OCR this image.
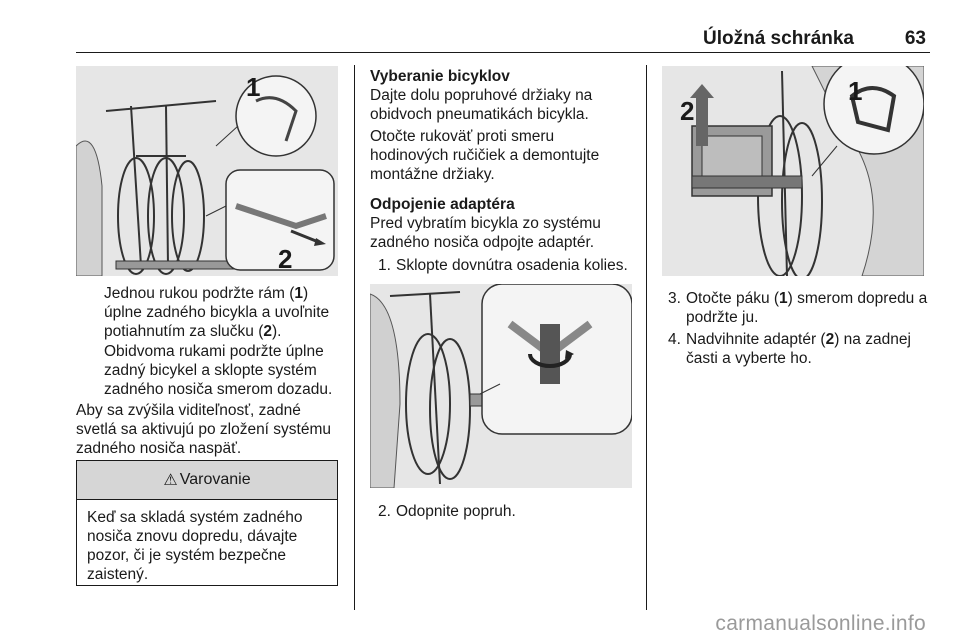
Úložná schránka	63
1
2

Jednou rukou podržte rám (1) úplne zadného bicykla a uvoľnite potiahnutím za slučku (2).

Obidvoma rukami podržte úplne zadný bicykel a sklopte systém zadného nosiča smerom dozadu.
Aby sa zvýšila viditeľnosť, zadné svetlá sa aktivujú po zložení systému zadného nosiča naspäť.
⚠ Varovanie
Keď sa skladá systém zadného nosiča znovu dopredu, dávajte pozor, či je systém bezpečne zaistený.
Vyberanie bicyklov
Dajte dolu popruhové držiaky na obidvoch pneumatikách bicykla.
Otočte rukoväť proti smeru hodinových ručičiek a demontujte montážne držiaky.
Odpojenie adaptéra
Pred vybratím bicykla zo systému zadného nosiča odpojte adaptér.
1. Sklopte dovnútra osadenia kolies.
2. Odopnite popruh.
1
2
3. Otočte páku (1) smerom dopredu a podržte ju.
4. Nadvihnite adaptér (2) na zadnej časti a vyberte ho.
carmanualsonline.info
